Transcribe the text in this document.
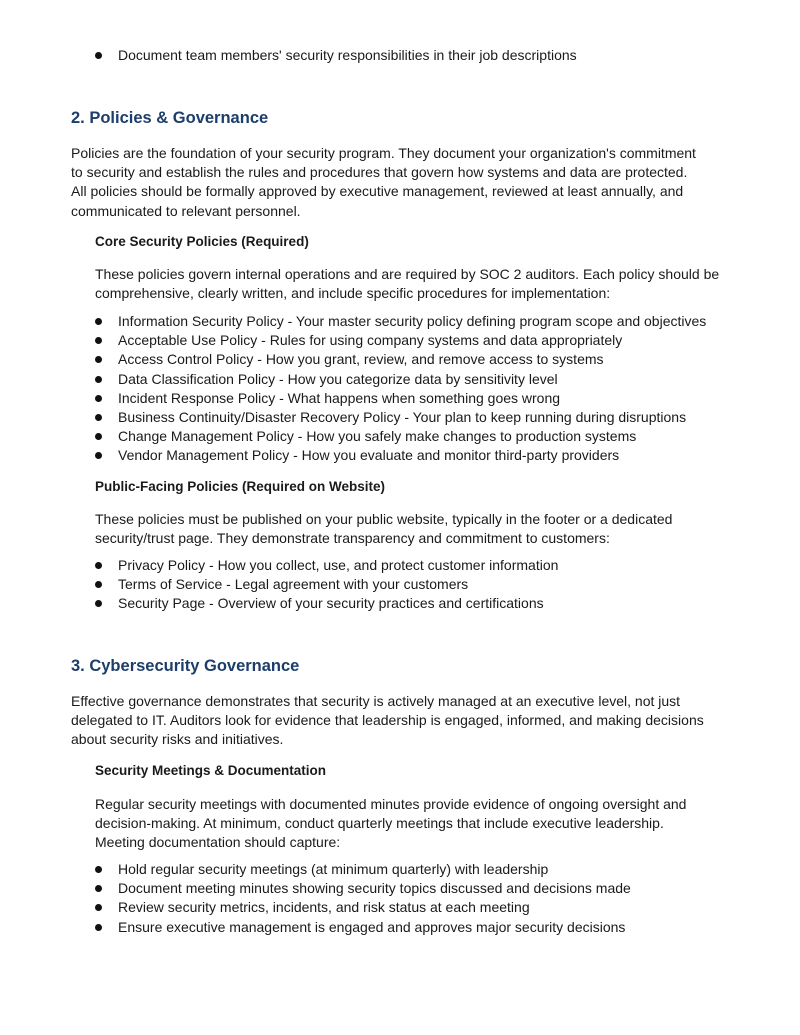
Document team members' security responsibilities in their job descriptions
2. Policies & Governance

Policies are the foundation of your security program. They document your organization's commitment
to security and establish the rules and procedures that govern how systems and data are protected.
All policies should be formally approved by executive management, reviewed at least annually, and
communicated to relevant personnel.

Core Security Policies (Required)

These policies govern internal operations and are required by SOC 2 auditors. Each policy should be
comprehensive, clearly written, and include specific procedures for implementation:

Information Security Policy - Your master security policy defining program scope and objectives
Acceptable Use Policy - Rules for using company systems and data appropriately
Access Control Policy - How you grant, review, and remove access to systems
Data Classification Policy - How you categorize data by sensitivity level
Incident Response Policy - What happens when something goes wrong
Business Continuity/Disaster Recovery Policy - Your plan to keep running during disruptions
Change Management Policy - How you safely make changes to production systems
Vendor Management Policy - How you evaluate and monitor third-party providers
Public-Facing Policies (Required on Website)

These policies must be published on your public website, typically in the footer or a dedicated
security/trust page. They demonstrate transparency and commitment to customers:

Privacy Policy - How you collect, use, and protect customer information
Terms of Service - Legal agreement with your customers
Security Page - Overview of your security practices and certifications
3. Cybersecurity Governance

Effective governance demonstrates that security is actively managed at an executive level, not just
delegated to IT. Auditors look for evidence that leadership is engaged, informed, and making decisions
about security risks and initiatives.

Security Meetings & Documentation

Regular security meetings with documented minutes provide evidence of ongoing oversight and
decision-making. At minimum, conduct quarterly meetings that include executive leadership.
Meeting documentation should capture:

Hold regular security meetings (at minimum quarterly) with leadership
Document meeting minutes showing security topics discussed and decisions made
Review security metrics, incidents, and risk status at each meeting
Ensure executive management is engaged and approves major security decisions
